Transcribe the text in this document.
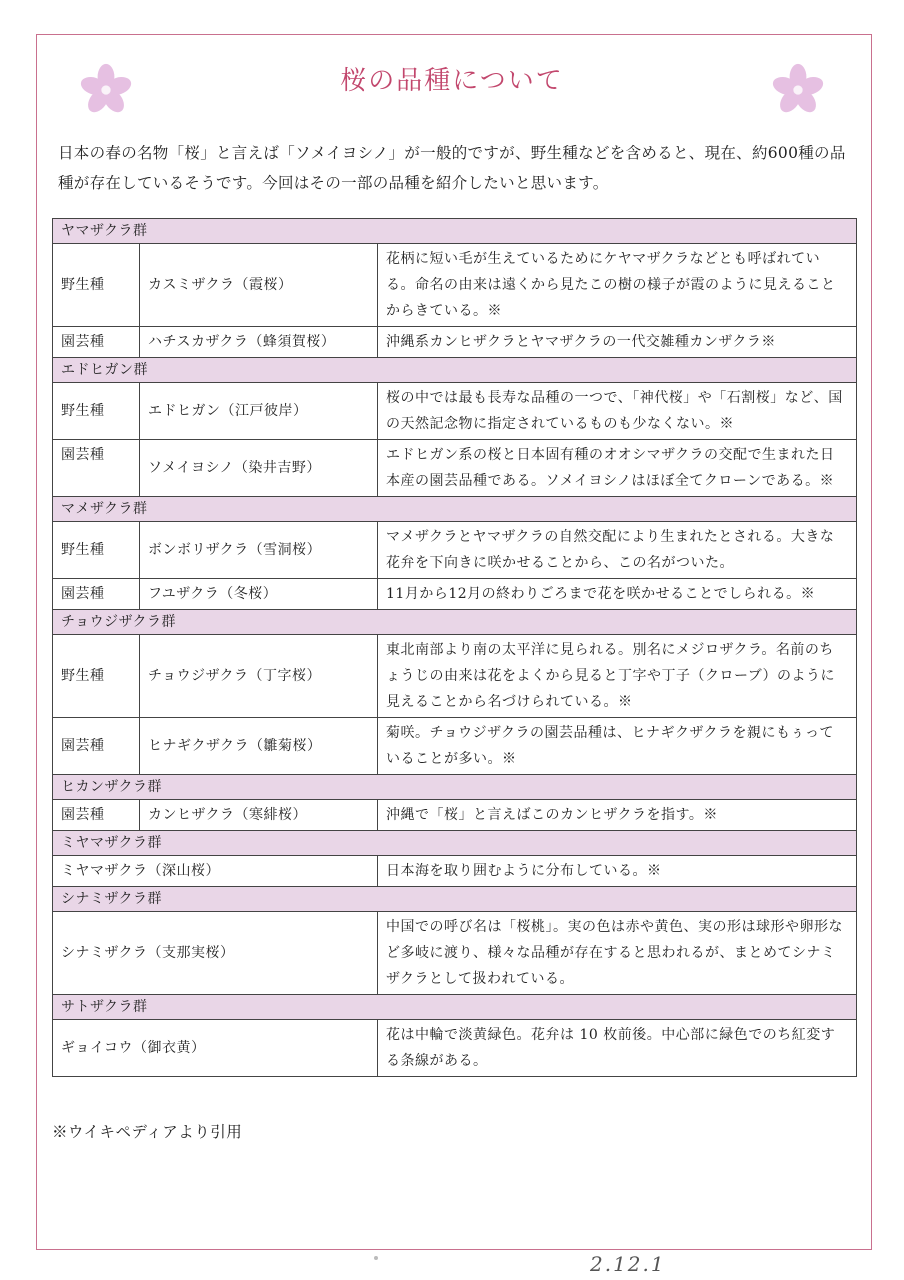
桜の品種について
日本の春の名物「桜」と言えば「ソメイヨシノ」が一般的ですが、野生種などを含めると、現在、約600種の品種が存在しているそうです。今回はその一部の品種を紹介したいと思います。
ヤマザクラ群		
野生種	カスミザクラ（霞桜）	花柄に短い毛が生えているためにケヤマザクラなどとも呼ばれている。命名の由来は遠くから見たこの樹の様子が霞のように見えることからきている。※
園芸種	ハチスカザクラ（蜂須賀桜）	沖縄系カンヒザクラとヤマザクラの一代交雑種カンザクラ※
エドヒガン群		
野生種	エドヒガン（江戸彼岸）	桜の中では最も長寿な品種の一つで、「神代桜」や「石割桜」など、国の天然記念物に指定されているものも少なくない。※
園芸種	ソメイヨシノ（染井吉野）	エドヒガン系の桜と日本固有種のオオシマザクラの交配で生まれた日本産の園芸品種である。ソメイヨシノはほぼ全てクローンである。※
マメザクラ群		
野生種	ボンボリザクラ（雪洞桜）	マメザクラとヤマザクラの自然交配により生まれたとされる。大きな花弁を下向きに咲かせることから、この名がついた。
園芸種	フユザクラ（冬桜）	11月から12月の終わりごろまで花を咲かせることでしられる。※
チョウジザクラ群		
野生種	チョウジザクラ（丁字桜）	東北南部より南の太平洋に見られる。別名にメジロザクラ。名前のちょうじの由来は花をよくから見ると丁字や丁子（クローブ）のように見えることから名づけられている。※
園芸種	ヒナギクザクラ（雛菊桜）	菊咲。チョウジザクラの園芸品種は、ヒナギクザクラを親にもぅっていることが多い。※
ヒカンザクラ群		
園芸種	カンヒザクラ（寒緋桜）	沖縄で「桜」と言えばこのカンヒザクラを指す。※
ミヤマザクラ群		
ミヤマザクラ（深山桜）		日本海を取り囲むように分布している。※
シナミザクラ群		
シナミザクラ（支那実桜）		中国での呼び名は「桜桃」。実の色は赤や黄色、実の形は球形や卵形など多岐に渡り、様々な品種が存在すると思われるが、まとめてシナミザクラとして扱われている。
サトザクラ群		
ギョイコウ（御衣黄）		花は中輪で淡黄緑色。花弁は 10 枚前後。中心部に緑色でのち紅変する条線がある。
※ウイキペディアより引用
2.12.1
